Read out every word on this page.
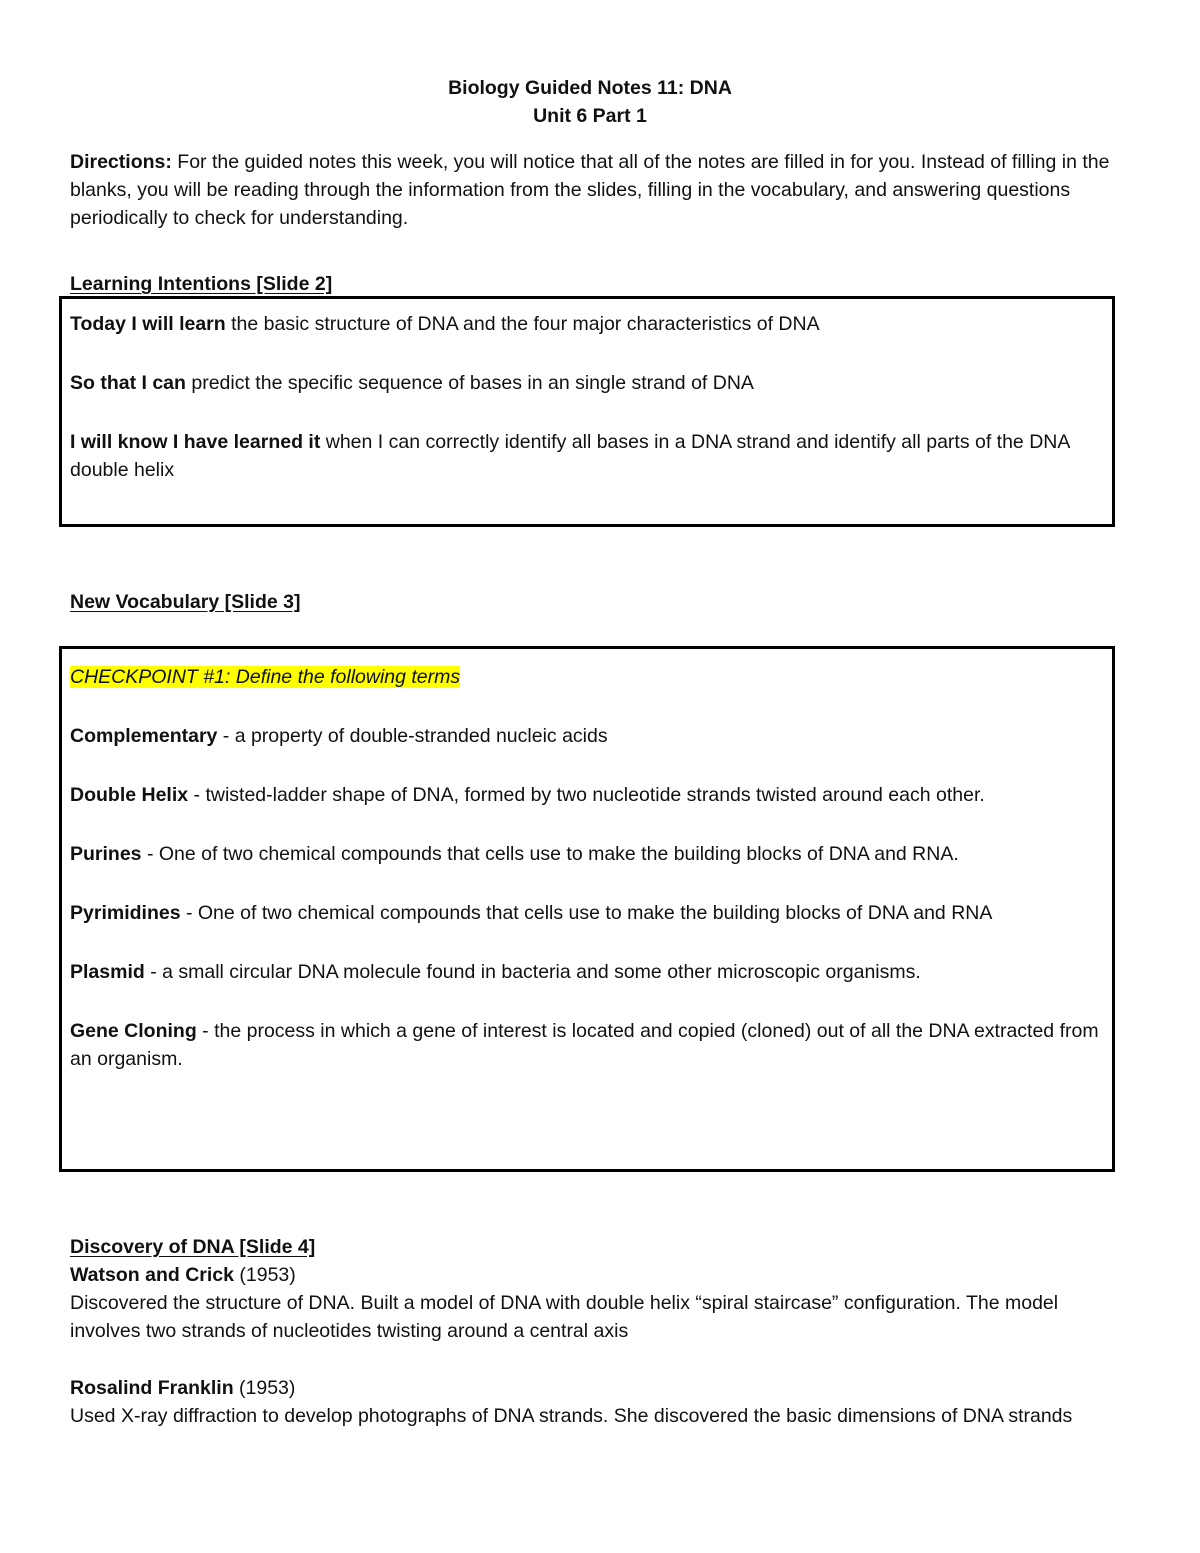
Biology Guided Notes 11: DNA
Unit 6 Part 1
Directions: For the guided notes this week, you will notice that all of the notes are filled in for you. Instead of filling in the blanks, you will be reading through the information from the slides, filling in the vocabulary, and answering questions periodically to check for understanding.
Learning Intentions [Slide 2]

Today I will learn the basic structure of DNA and the four major characteristics of DNA

So that I can predict the specific sequence of bases in an single strand of DNA

I will know I have learned it when I can correctly identify all bases in a DNA strand and identify all parts of the DNA double helix

New Vocabulary [Slide 3]

CHECKPOINT #1: Define the following terms

Complementary - a property of double-stranded nucleic acids

Double Helix - twisted-ladder shape of DNA, formed by two nucleotide strands twisted around each other.

Purines - One of two chemical compounds that cells use to make the building blocks of DNA and RNA.

Pyrimidines - One of two chemical compounds that cells use to make the building blocks of DNA and RNA

Plasmid - a small circular DNA molecule found in bacteria and some other microscopic organisms.

Gene Cloning - the process in which a gene of interest is located and copied (cloned) out of all the DNA extracted from an organism.

Discovery of DNA [Slide 4]

Watson and Crick (1953)

Discovered the structure of DNA. Built a model of DNA with double helix “spiral staircase” configuration. The model involves two strands of nucleotides twisting around a central axis

Rosalind Franklin (1953)

Used X-ray diffraction to develop photographs of DNA strands. She discovered the basic dimensions of DNA strands
